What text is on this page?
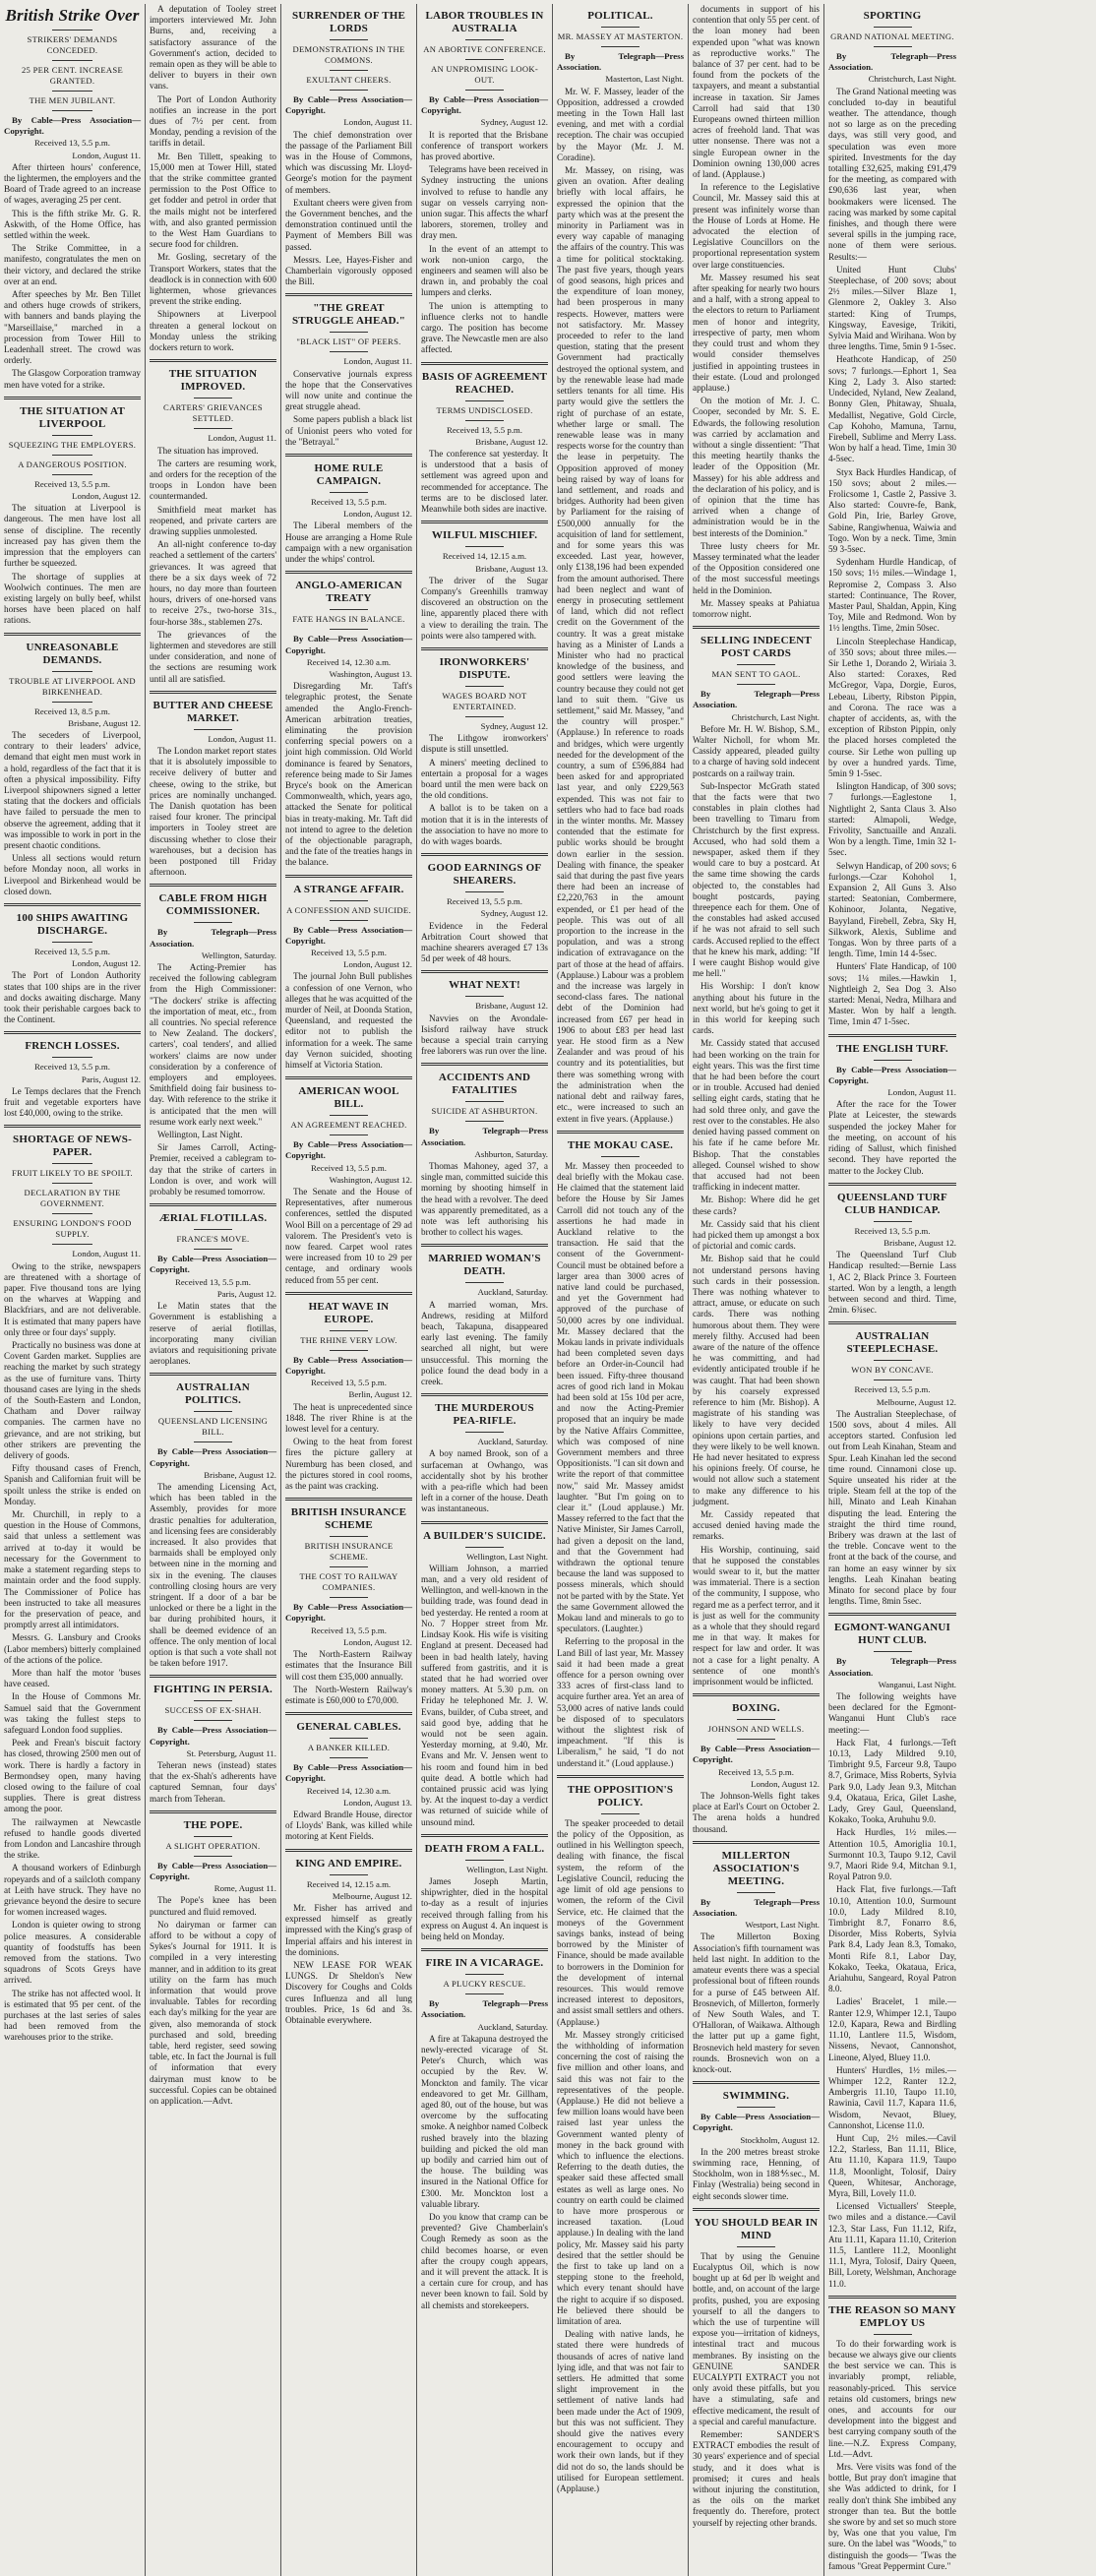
British Strike Over
STRIKERS' DEMANDS CONCEDED.
25 PER CENT. INCREASE GRANTED.
THE MEN JUBILANT.
By Cable—Press Association—Copyright.
Received 13, 5.5 p.m.
London, August 11.

After thirteen hours' conference, the lightermen, the employers and the Board of Trade agreed to an increase of wages, averaging 25 per cent.

This is the fifth strike Mr. G. R. Askwith, of the Home Office, has settled within the week.

The Strike Committee, in a manifesto, congratulates the men on their victory, and declared the strike over at an end.

After speeches by Mr. Ben Tillet and others huge crowds of strikers, with banners and bands playing the "Marseillaise," marched in a procession from Tower Hill to Leadenhall street. The crowd was orderly.

The Glasgow Corporation tramway men have voted for a strike.

THE SITUATION AT LIVERPOOL
SQUEEZING THE EMPLOYERS.
A DANGEROUS POSITION.
Received 13, 5.5 p.m.
London, August 12.

The situation at Liverpool is dangerous. The men have lost all sense of discipline. The recently increased pay has given them the impression that the employers can further be squeezed.

The shortage of supplies at Woolwich continues. The men are existing largely on bully beef, whilst horses have been placed on half rations.

UNREASONABLE DEMANDS.
TROUBLE AT LIVERPOOL AND BIRKENHEAD.
Received 13, 8.5 p.m.
Brisbane, August 12.

The seceders of Liverpool, contrary to their leaders' advice, demand that eight men must work in a hold, regardless of the fact that it is often a physical impossibility. Fifty Liverpool shipowners signed a letter stating that the dockers and officials have failed to persuade the men to observe the agreement, adding that it was impossible to work in port in the present chaotic conditions.

Unless all sections would return before Monday noon, all works in Liverpool and Birkenhead would be closed down.

100 SHIPS AWAITING DISCHARGE.
Received 13, 5.5 p.m.
London, August 12.

The Port of London Authority states that 100 ships are in the river and docks awaiting discharge. Many took their perishable cargoes back to the Continent.

FRENCH LOSSES.
Received 13, 5.5 p.m.
Paris, August 12.

Le Temps declares that the French fruit and vegetable exporters have lost £40,000, owing to the strike.

SHORTAGE OF NEWS-PAPER.
FRUIT LIKELY TO BE SPOILT.
DECLARATION BY THE GOVERNMENT.
ENSURING LONDON'S FOOD SUPPLY.
London, August 11.

Owing to the strike, newspapers are threatened with a shortage of paper. Five thousand tons are lying on the wharves at Wapping and Blackfriars, and are not deliverable. It is estimated that many papers have only three or four days' supply.

Practically no business was done at Covent Garden market. Supplies are reaching the market by such strategy as the use of furniture vans. Thirty thousand cases are lying in the sheds of the South-Eastern and London, Chatham and Dover railway companies. The carmen have no grievance, and are not striking, but other strikers are preventing the delivery of goods.

Fifty thousand cases of French, Spanish and Californian fruit will be spoilt unless the strike is ended on Monday.

Mr. Churchill, in reply to a question in the House of Commons, said that unless a settlement was arrived at to-day it would be necessary for the Government to make a statement regarding steps to maintain order and the food supply. The Commissioner of Police has been instructed to take all measures for the preservation of peace, and promptly arrest all intimidators.

Messrs. G. Lansbury and Crooks (Labor members) bitterly complained of the actions of the police.

More than half the motor 'buses have ceased.

In the House of Commons Mr. Samuel said that the Government was taking the fullest steps to safeguard London food supplies.

Peek and Frean's biscuit factory has closed, throwing 2500 men out of work. There is hardly a factory in Bermondsey open, many having closed owing to the failure of coal supplies. There is great distress among the poor.

The railwaymen at Newcastle refused to handle goods diverted from London and Lancashire through the strike.

A thousand workers of Edinburgh ropeyards and of a sailcloth company at Leith have struck. They have no grievance beyond the desire to secure for women increased wages.

London is quieter owing to strong police measures. A considerable quantity of foodstuffs has been removed from the stations. Two squadrons of Scots Greys have arrived.

The strike has not affected wool. It is estimated that 95 per cent. of the purchases at the last series of sales had been removed from the warehouses prior to the strike.

A deputation of Tooley street importers interviewed Mr. John Burns, and, receiving a satisfactory assurance of the Government's action, decided to remain open as they will be able to deliver to buyers in their own vans.

The Port of London Authority notifies an increase in the port dues of 7½ per cent. from Monday, pending a revision of the tariffs in detail.

Mr. Ben Tillett, speaking to 15,000 men at Tower Hill, stated that the strike committee granted permission to the Post Office to get fodder and petrol in order that the mails might not be interfered with, and also granted permission to the West Ham Guardians to secure food for children.

Mr. Gosling, secretary of the Transport Workers, states that the deadlock is in connection with 600 lightermen, whose grievances prevent the strike ending.

Shipowners at Liverpool threaten a general lockout on Monday unless the striking dockers return to work.

THE SITUATION IMPROVED.
CARTERS' GRIEVANCES SETTLED.
London, August 11.

The situation has improved.

The carters are resuming work, and orders for the reception of the troops in London have been countermanded.

Smithfield meat market has reopened, and private carters are drawing supplies unmolested.

An all-night conference to-day reached a settlement of the carters' grievances. It was agreed that there be a six days week of 72 hours, no day more than fourteen hours, drivers of one-horsed vans to receive 27s., two-horse 31s., four-horse 38s., stablemen 27s.

The grievances of the lightermen and stevedores are still under consideration, and none of the sections are resuming work until all are satisfied.

BUTTER AND CHEESE MARKET.
London, August 11.

The London market report states that it is absolutely impossible to receive delivery of butter and cheese, owing to the strike, but prices are nominally unchanged. The Danish quotation has been raised four kroner. The principal importers in Tooley street are discussing whether to close their warehouses, but a decision has been postponed till Friday afternoon.

CABLE FROM HIGH COMMISSIONER.
By Telegraph—Press Association.
Wellington, Saturday.

The Acting-Premier has received the following cablegram from the High Commissioner: "The dockers' strike is affecting the importation of meat, etc., from all countries. No special reference to New Zealand. The dockers', carters', coal tenders', and allied workers' claims are now under consideration by a conference of employers and employees. Smithfield doing fair business to-day. With reference to the strike it is anticipated that the men will resume work early next week."

Wellington, Last Night.

Sir James Carroll, Acting-Premier, received a cablegram to-day that the strike of carters in London is over, and work will probably be resumed tomorrow.

ÆRIAL FLOTILLAS.
FRANCE'S MOVE.
By Cable—Press Association—Copyright.
Received 13, 5.5 p.m.
Paris, August 12.

Le Matin states that the Government is establishing a reserve of aerial flotillas, incorporating many civilian aviators and requisitioning private aeroplanes.

AUSTRALIAN POLITICS.
QUEENSLAND LICENSING BILL.
By Cable—Press Association—Copyright.
Brisbane, August 12.

The amending Licensing Act, which has been tabled in the Assembly, provides for more drastic penalties for adulteration, and licensing fees are considerably increased. It also provides that barmaids shall be employed only between nine in the morning and six in the evening. The clauses controlling closing hours are very stringent. If a door of a bar be unlocked or there be a light in the bar during prohibited hours, it shall be deemed evidence of an offence. The only mention of local option is that such a vote shall not be taken before 1917.

FIGHTING IN PERSIA.
SUCCESS OF EX-SHAH.
By Cable—Press Association—Copyright.
St. Petersburg, August 11.

Teheran news (instead) states that the ex-Shah's adherents have captured Semnan, four days' march from Teheran.

THE POPE.
A SLIGHT OPERATION.
By Cable—Press Association—Copyright.
Rome, August 11.

The Pope's knee has been punctured and fluid removed.

No dairyman or farmer can afford to be without a copy of Sykes's Journal for 1911. It is compiled in a very interesting manner, and in addition to its great utility on the farm has much information that would prove invaluable. Tables for recording each day's milking for the year are given, also memoranda of stock purchased and sold, breeding table, herd register, seed sowing table, etc. In fact the Journal is full of information that every dairyman must know to be successful. Copies can be obtained on application.—Advt.

SURRENDER OF THE LORDS
DEMONSTRATIONS IN THE COMMONS.
EXULTANT CHEERS.
By Cable—Press Association—Copyright.
London, August 11.

The chief demonstration over the passage of the Parliament Bill was in the House of Commons, which was discussing Mr. Lloyd-George's motion for the payment of members.

Exultant cheers were given from the Government benches, and the demonstration continued until the Payment of Members Bill was passed.

Messrs. Lee, Hayes-Fisher and Chamberlain vigorously opposed the Bill.

"THE GREAT STRUGGLE AHEAD."
"BLACK LIST" OF PEERS.
London, August 11.

Conservative journals express the hope that the Conservatives will now unite and continue the great struggle ahead.

Some papers publish a black list of Unionist peers who voted for the "Betrayal."

HOME RULE CAMPAIGN.
Received 13, 5.5 p.m.
London, August 12.

The Liberal members of the House are arranging a Home Rule campaign with a new organisation under the whips' control.

ANGLO-AMERICAN TREATY
FATE HANGS IN BALANCE.
By Cable—Press Association—Copyright.
Received 14, 12.30 a.m.
Washington, August 13.

Disregarding Mr. Taft's telegraphic protest, the Senate amended the Anglo-French-American arbitration treaties, eliminating the provision conferring special powers on a joint high commission. Old World dominance is feared by Senators, reference being made to Sir James Bryce's book on the American Commonwealth, which, years ago, attacked the Senate for political bias in treaty-making. Mr. Taft did not intend to agree to the deletion of the objectionable paragraph, and the fate of the treaties hangs in the balance.

A STRANGE AFFAIR.
A CONFESSION AND SUICIDE.
By Cable—Press Association—Copyright.
Received 13, 5.5 p.m.
London, August 12.

The journal John Bull publishes a confession of one Vernon, who alleges that he was acquitted of the murder of Neil, at Doonda Station, Queensland, and requested the editor not to publish the information for a week. The same day Vernon suicided, shooting himself at Victoria Station.

AMERICAN WOOL BILL.
AN AGREEMENT REACHED.
By Cable—Press Association—Copyright.
Received 13, 5.5 p.m.
Washington, August 12.

The Senate and the House of Representatives, after numerous conferences, settled the disputed Wool Bill on a percentage of 29 ad valorem. The President's veto is now feared. Carpet wool rates were increased from 10 to 29 per centage, and ordinary wools reduced from 55 per cent.

HEAT WAVE IN EUROPE.
THE RHINE VERY LOW.
By Cable—Press Association—Copyright.
Received 13, 5.5 p.m.
Berlin, August 12.

The heat is unprecedented since 1848. The river Rhine is at the lowest level for a century.

Owing to the heat from forest fires the picture gallery at Nuremburg has been closed, and the pictures stored in cool rooms, as the paint was cracking.

BRITISH INSURANCE SCHEME
BRITISH INSURANCE SCHEME.
THE COST TO RAILWAY COMPANIES.
By Cable—Press Association—Copyright.
Received 13, 5.5 p.m.
London, August 12.

The North-Eastern Railway estimates that the Insurance Bill will cost them £35,000 annually.

The North-Western Railway's estimate is £60,000 to £70,000.

GENERAL CABLES.
A BANKER KILLED.
By Cable—Press Association—Copyright.
Received 14, 12.30 a.m.
London, August 13.

Edward Brandle House, director of Lloyds' Bank, was killed while motoring at Kent Fields.

KING AND EMPIRE.
Received 14, 12.15 a.m.
Melbourne, August 12.

Mr. Fisher has arrived and expressed himself as greatly impressed with the King's grasp of Imperial affairs and his interest in the dominions.

NEW LEASE FOR WEAK LUNGS. Dr Sheldon's New Discovery for Coughs and Colds cures Influenza and all lung troubles. Price, 1s 6d and 3s. Obtainable everywhere.

LABOR TROUBLES IN AUSTRALIA
AN ABORTIVE CONFERENCE.
AN UNPROMISING LOOK-OUT.
By Cable—Press Association—Copyright.
Sydney, August 12.

It is reported that the Brisbane conference of transport workers has proved abortive.

Telegrams have been received in Sydney instructing the unions involved to refuse to handle any sugar on vessels carrying non-union sugar. This affects the wharf laborers, storemen, trolley and dray men.

In the event of an attempt to work non-union cargo, the engineers and seamen will also be drawn in, and probably the coal lumpers and clerks.

The union is attempting to influence clerks not to handle cargo. The position has become grave. The Newcastle men are also affected.

BASIS OF AGREEMENT REACHED.
TERMS UNDISCLOSED.
Received 13, 5.5 p.m.
Brisbane, August 12.

The conference sat yesterday. It is understood that a basis of settlement was agreed upon and recommended for acceptance. The terms are to be disclosed later. Meanwhile both sides are inactive.

WILFUL MISCHIEF.
Received 14, 12.15 a.m.
Brisbane, August 13.

The driver of the Sugar Company's Greenhills tramway discovered an obstruction on the line, apparently placed there with a view to derailing the train. The points were also tampered with.

IRONWORKERS' DISPUTE.
WAGES BOARD NOT ENTERTAINED.
Sydney, August 12.

The Lithgow ironworkers' dispute is still unsettled.

A miners' meeting declined to entertain a proposal for a wages board until the men were back on the old conditions.

A ballot is to be taken on a motion that it is in the interests of the association to have no more to do with wages boards.

GOOD EARNINGS OF SHEARERS.
Received 13, 5.5 p.m.
Sydney, August 12.

Evidence in the Federal Arbitration Court showed that machine shearers averaged £7 13s 5d per week of 48 hours.

WHAT NEXT!
Brisbane, August 12.

Navvies on the Avondale-Isisford railway have struck because a special train carrying free laborers was run over the line.

ACCIDENTS AND FATALITIES
SUICIDE AT ASHBURTON.
By Telegraph—Press Association.
Ashburton, Saturday.

Thomas Mahoney, aged 37, a single man, committed suicide this morning by shooting himself in the head with a revolver. The deed was apparently premeditated, as a note was left authorising his brother to collect his wages.

MARRIED WOMAN'S DEATH.
Auckland, Saturday.

A married woman, Mrs. Andrews, residing at Milford beach, Takapuna, disappeared early last evening. The family searched all night, but were unsuccessful. This morning the police found the dead body in a creek.

THE MURDEROUS PEA-RIFLE.
Auckland, Saturday.

A boy named Brook, son of a surfaceman at Owhango, was accidentally shot by his brother with a pea-rifle which had been left in a corner of the house. Death was instantaneous.

A BUILDER'S SUICIDE.
Wellington, Last Night.

William Johnson, a married man, and a very old resident of Wellington, and well-known in the building trade, was found dead in bed yesterday. He rented a room at No. 7 Hopper street from Mr. Lindsay Kook. His wife is visiting England at present. Deceased had been in bad health lately, having suffered from gastritis, and it is stated that he had worried over money matters. At 5.30 p.m. on Friday he telephoned Mr. J. W. Evans, builder, of Cuba street, and said good bye, adding that he would not be seen again. Yesterday morning, at 9.40, Mr. Evans and Mr. V. Jensen went to his room and found him in bed quite dead. A bottle which had contained prussic acid was lying by. At the inquest to-day a verdict was returned of suicide while of unsound mind.

DEATH FROM A FALL.
Wellington, Last Night.

James Joseph Martin, shipwrighter, died in the hospital to-day as a result of injuries received through falling from his express on August 4. An inquest is being held on Monday.

FIRE IN A VICARAGE.
A PLUCKY RESCUE.
By Telegraph—Press Association.
Auckland, Saturday.

A fire at Takapuna destroyed the newly-erected vicarage of St. Peter's Church, which was occupied by the Rev. W. Monckton and family. The vicar endeavored to get Mr. Gillham, aged 80, out of the house, but was overcome by the suffocating smoke. A neighbor named Colbeck rushed bravely into the blazing building and picked the old man up bodily and carried him out of the house. The building was insured in the National Office for £300. Mr. Monckton lost a valuable library.

Do you know that cramp can be prevented? Give Chamberlain's Cough Remedy as soon as the child becomes hoarse, or even after the croupy cough appears, and it will prevent the attack. It is a certain cure for croup, and has never been known to fail. Sold by all chemists and storekeepers.

POLITICAL.
MR. MASSEY AT MASTERTON.
By Telegraph—Press Association.
Masterton, Last Night.

Mr. W. F. Massey, leader of the Opposition, addressed a crowded meeting in the Town Hall last evening, and met with a cordial reception. The chair was occupied by the Mayor (Mr. J. M. Coradine).

Mr. Massey, on rising, was given an ovation. After dealing briefly with local affairs, he expressed the opinion that the party which was at the present the minority in Parliament was in every way capable of managing the affairs of the country. This was a time for political stocktaking. The past five years, though years of good seasons, high prices and the expenditure of loan money, had been prosperous in many respects. However, matters were not satisfactory. Mr. Massey proceeded to refer to the land question, stating that the present Government had practically destroyed the optional system, and by the renewable lease had made settlers tenants for all time. His party would give the settlers the right of purchase of an estate, whether large or small. The renewable lease was in many respects worse for the country than the lease in perpetuity. The Opposition approved of money being raised by way of loans for land settlement, and roads and bridges. Authority had been given by Parliament for the raising of £500,000 annually for the acquisition of land for settlement, and for some years this was exceeded. Last year, however, only £138,196 had been expended from the amount authorised. There had been neglect and want of energy in prosecuting settlement of land, which did not reflect credit on the Government of the country. It was a great mistake having as a Minister of Lands a Minister who had no practical knowledge of the business, and good settlers were leaving the country because they could not get land to suit them. "Give us settlement," said Mr. Massey, "and the country will prosper." (Applause.) In reference to roads and bridges, which were urgently needed for the development of the country, a sum of £596,884 had been asked for and appropriated last year, and only £229,563 expended. This was not fair to settlers who had to face bad roads in the winter months. Mr. Massey contended that the estimate for public works should be brought down earlier in the session. Dealing with finance, the speaker said that during the past five years there had been an increase of £2,220,763 in the amount expended, or £1 per head of the people. This was out of all proportion to the increase in the population, and was a strong indication of extravagance on the part of those at the head of affairs. (Applause.) Labour was a problem and the increase was largely in second-class fares. The national debt of the Dominion had increased from £67 per head in 1906 to about £83 per head last year. He stood firm as a New Zealander and was proud of his country and its potentialities, but there was something wrong with the administration when the national debt and railway fares, etc., were increased to such an extent in five years. (Applause.)

THE MOKAU CASE.

Mr. Massey then proceeded to deal briefly with the Mokau case. He claimed that the statement laid before the House by Sir James Carroll did not touch any of the assertions he had made in Auckland relative to the transaction. He said that the consent of the Government-Council must be obtained before a larger area than 3000 acres of native land could be purchased, and yet the Government had approved of the purchase of 50,000 acres by one individual. Mr. Massey declared that the Mokau lands in private individuals had been completed seven days before an Order-in-Council had been issued. Fifty-three thousand acres of good rich land in Mokau had been sold at 15s 10d per acre, and now the Acting-Premier proposed that an inquiry be made by the Native Affairs Committee, which was composed of nine Government members and three Oppositionists. "I can sit down and write the report of that committee now," said Mr. Massey amidst laughter. "But I'm going on to clear it." (Loud applause.) Mr. Massey referred to the fact that the Native Minister, Sir James Carroll, had given a deposit on the land, and that the Government had withdrawn the optional tenure because the land was supposed to possess minerals, which should not be parted with by the State. Yet the same Government allowed the Mokau land and minerals to go to speculators. (Laughter.)

Referring to the proposal in the Land Bill of last year, Mr. Massey said it had been made a great offence for a person owning over 333 acres of first-class land to acquire further area. Yet an area of 53,000 acres of native lands could be disposed of to speculators without the slightest risk of impeachment. "If this is Liberalism," he said, "I do not understand it." (Loud applause.)

THE OPPOSITION'S POLICY.

The speaker proceeded to detail the policy of the Opposition, as outlined in his Wellington speech, dealing with finance, the fiscal system, the reform of the Legislative Council, reducing the age limit of old age pensions to women, the reform of the Civil Service, etc. He claimed that the moneys of the Government savings banks, instead of being borrowed by the Minister of Finance, should be made available to borrowers in the Dominion for the development of internal resources. This would remove increased interest to depositors, and assist small settlers and others. (Applause.)

Mr. Massey strongly criticised the withholding of information concerning the cost of raising the five million and other loans, and said this was not fair to the representatives of the people. (Applause.) He did not believe a few million loans would have been raised last year unless the Government wanted plenty of money in the back ground with which to influence the elections. Referring to the death duties, the speaker said these affected small estates as well as large ones. No country on earth could be claimed to have more prosperous or increased taxation. (Loud applause.) In dealing with the land policy, Mr. Massey said his party desired that the settler should be the first to take up land on a stepping stone to the freehold, which every tenant should have the right to acquire if so disposed. He believed there should be limitation of area.

Dealing with native lands, he stated there were hundreds of thousands of acres of native land lying idle, and that was not fair to settlers. He admitted that some slight improvement in the settlement of native lands had been made under the Act of 1909, but this was not sufficient. They should give the natives every encouragement to occupy and work their own lands, but if they did not do so, the lands should be utilised for European settlement. (Applause.)

documents in support of his contention that only 55 per cent. of the loan money had been expended upon "what was known as reproductive works." The balance of 37 per cent. had to be found from the pockets of the taxpayers, and meant a substantial increase in taxation. Sir James Carroll had said that 130 Europeans owned thirteen million acres of freehold land. That was utter nonsense. There was not a single European owner in the Dominion owning 130,000 acres of land. (Applause.)

In reference to the Legislative Council, Mr. Massey said this at present was infinitely worse than the House of Lords at Home. He advocated the election of Legislative Councillors on the proportional representation system over large constituencies.

Mr. Massey resumed his seat after speaking for nearly two hours and a half, with a strong appeal to the electors to return to Parliament men of honor and integrity, irrespective of party, men whom they could trust and whom they would consider themselves justified in appointing trustees in their estate. (Loud and prolonged applause.)

On the motion of Mr. J. C. Cooper, seconded by Mr. S. E. Edwards, the following resolution was carried by acclamation and without a single dissentient: "That this meeting heartily thanks the leader of the Opposition (Mr. Massey) for his able address and the declaration of his policy, and is of opinion that the time has arrived when a change of administration would be in the best interests of the Dominion."

Three lusty cheers for Mr. Massey terminated what the leader of the Opposition considered one of the most successful meetings held in the Dominion.

Mr. Massey speaks at Pahiatua tomorrow night.

SELLING INDECENT POST CARDS
MAN SENT TO GAOL.
By Telegraph—Press Association.
Christchurch, Last Night.

Before Mr. H. W. Bishop, S.M., Walter Nicholl, for whom Mr. Cassidy appeared, pleaded guilty to a charge of having sold indecent postcards on a railway train.

Sub-Inspector McGrath stated that the facts were that two constables in plain clothes had been travelling to Timaru from Christchurch by the first express. Accused, who had sold them a newspaper, asked them if they would care to buy a postcard. At the same time showing the cards objected to, the constables had bought postcards, paying threepence each for them. One of the constables had asked accused if he was not afraid to sell such cards. Accused replied to the effect that he knew his mark, adding: "If I were caught Bishop would give me hell."

His Worship: I don't know anything about his future in the next world, but he's going to get it in this world for keeping such cards.

Mr. Cassidy stated that accused had been working on the train for eight years. This was the first time that he had been before the court or in trouble. Accused had denied selling eight cards, stating that he had sold three only, and gave the rest over to the constables. He also denied having passed comment on his fate if he came before Mr. Bishop. That the constables alleged. Counsel wished to show that accused had not been trafficking in indecent matter.

Mr. Bishop: Where did he get these cards?

Mr. Cassidy said that his client had picked them up amongst a box of pictorial and comic cards.

Mr. Bishop said that he could not understand persons having such cards in their possession. There was nothing whatever to attract, amuse, or educate on such cards. There was nothing humorous about them. They were merely filthy. Accused had been aware of the nature of the offence he was committing, and had evidently anticipated trouble if he was caught. That had been shown by his coarsely expressed reference to him (Mr. Bishop). A magistrate of his standing was likely to have very decided opinions upon certain parties, and they were likely to be well known. He had never hesitated to express his opinions freely. Of course, he would not allow such a statement to make any difference to his judgment.

Mr. Cassidy repeated that accused denied having made the remarks.

His Worship, continuing, said that he supposed the constables would swear to it, but the matter was immaterial. There is a section of the community, I suppose, who regard me as a perfect terror, and it is just as well for the community as a whole that they should regard me in that way. It makes for respect for law and order. It was not a case for a light penalty. A sentence of one month's imprisonment would be inflicted.

BOXING.
JOHNSON AND WELLS.
By Cable—Press Association—Copyright.
Received 13, 5.5 p.m.
London, August 12.

The Johnson-Wells fight takes place at Earl's Court on October 2. The arena holds a hundred thousand.

MILLERTON ASSOCIATION'S MEETING.
By Telegraph—Press Association.
Westport, Last Night.

The Millerton Boxing Association's fifth tournament was held last night. In addition to the amateur events there was a special professional bout of fifteen rounds for a purse of £45 between Alf. Brosnevich, of Millerton, formerly of New South Wales, and T. O'Halloran, of Waikawa. Although the latter put up a game fight, Brosnevich held mastery for seven rounds. Brosnevich won on a knock-out.

SWIMMING.
By Cable—Press Association—Copyright.
Stockholm, August 12.

In the 200 metres breast stroke swimming race, Henning, of Stockholm, won in 188⅘sec., M. Finlay (Westralia) being second in eight seconds slower time.

YOU SHOULD BEAR IN MIND

That by using the Genuine Eucalyptus Oil, which is now bought up at 6d per lb weight and bottle, and, on account of the large profits, pushed, you are exposing yourself to all the dangers to which the use of turpentine will expose you—irritation of kidneys, intestinal tract and mucous membranes. By insisting on the GENUINE SANDER EUCALYPTI EXTRACT you not only avoid these pitfalls, but you have a stimulating, safe and effective medicament, the result of a special and careful manufacture.

Remember: SANDER'S EXTRACT embodies the result of 30 years' experience and of special study, and it does what is promised; it cures and heals without injuring the constitution, as the oils on the market frequently do. Therefore, protect yourself by rejecting other brands.

SPORTING
GRAND NATIONAL MEETING.
By Telegraph—Press Association.
Christchurch, Last Night.

The Grand National meeting was concluded to-day in beautiful weather. The attendance, though not so large as on the preceding days, was still very good, and speculation was even more spirited. Investments for the day totalling £32,625, making £91,479 for the meeting, as compared with £90,636 last year, when bookmakers were licensed. The racing was marked by some capital finishes, and though there were several spills in the jumping race, none of them were serious. Results:—

United Hunt Clubs' Steeplechase, of 200 sovs; about 2½ miles.—Silver Blaze 1, Glenmore 2, Oakley 3. Also started: King of Trumps, Kingsway, Eavesige, Trikiti, Sylvia Maid and Wirihana. Won by three lengths. Time, 5min 9 1-5sec.

Heathcote Handicap, of 250 sovs; 7 furlongs.—Ephort 1, Sea King 2, Lady 3. Also started: Undecided, Nyland, New Zealand, Bonny Glen, Phitaway, Shuala, Medallist, Negative, Gold Circle, Cap Kohoho, Mamuna, Tarnu, Firebell, Sublime and Merry Lass. Won by half a head. Time, 1min 30 4-5sec.

Styx Back Hurdles Handicap, of 150 sovs; about 2 miles.—Frolicsome 1, Castle 2, Passive 3. Also started: Couvre-fe, Bank, Gold Pin, Irie, Barley Grove, Sabine, Rangiwhenua, Waiwia and Togo. Won by a neck. Time, 3min 59 3-5sec.

Sydenham Hurdle Handicap, of 150 sovs; 1½ miles.—Windage 1, Repromise 2, Compass 3. Also started: Continuance, The Rover, Master Paul, Shaldan, Appin, King Toy, Mile and Redmond. Won by 1½ lengths. Time, 2min 50sec.

Lincoln Steeplechase Handicap, of 350 sovs; about three miles.—Sir Lethe 1, Dorando 2, Wiriaia 3. Also started: Coraxes, Red McGregor, Vapa, Dorgie, Euros, Lebeau, Liberty, Ribston Pippin, and Corona. The race was a chapter of accidents, as, with the exception of Ribston Pippin, only the placed horses completed the course. Sir Lethe won pulling up by over a hundred yards. Time, 5min 9 1-5sec.

Islington Handicap, of 300 sovs; 7 furlongs.—Eaglestone 1, Nightlight 2, Santa Claus 3. Also started: Almapoli, Wedge, Frivolity, Sanctuaille and Anzali. Won by a length. Time, 1min 32 1-5sec.

Selwyn Handicap, of 200 sovs; 6 furlongs.—Czar Kohohol 1, Expansion 2, All Guns 3. Also started: Seatonian, Combermere, Kohinoor, Jolanta, Negative, Bayyland, Firebell, Zebra, Sky H, Silkwork, Alexis, Sublime and Tongas. Won by three parts of a length. Time, 1min 14 4-5sec.

Hunters' Flate Handicap, of 100 sovs; 1¼ miles.—Hawkin 1, Nightleigh 2, Sea Dog 3. Also started: Menai, Nedra, Milhara and Master. Won by half a length. Time, 1min 47 1-5sec.

THE ENGLISH TURF.
By Cable—Press Association—Copyright.
London, August 11.

After the race for the Tower Plate at Leicester, the stewards suspended the jockey Maher for the meeting, on account of his riding of Sallust, which finished second. They have reported the matter to the Jockey Club.

QUEENSLAND TURF CLUB HANDICAP.
Received 13, 5.5 p.m.
Brisbane, August 12.

The Queensland Turf Club Handicap resulted:—Bernie Lass 1, AC 2, Black Prince 3. Fourteen started. Won by a length, a length between second and third. Time, 2min. 6¾sec.

AUSTRALIAN STEEPLECHASE.
WON BY CONCAVE.
Received 13, 5.5 p.m.
Melbourne, August 12.

The Australian Steeplechase, of 1500 sovs, about 4 miles. All acceptors started. Confusion led out from Leah Kinahan, Steam and Spur. Leah Kinahan led the second time round. Cinnamoni close up. Squire unseated his rider at the triple. Steam fell at the top of the hill, Minato and Leah Kinahan disputing the lead. Entering the straight the third time round, Bribery was drawn at the last of the treble. Concave went to the front at the back of the course, and ran home an easy winner by six lengths. Leah Kinahan beating Minato for second place by four lengths. Time, 8min 5sec.

EGMONT-WANGANUI HUNT CLUB.
By Telegraph—Press Association.
Wanganui, Last Night.

The following weights have been declared for the Egmont-Wanganui Hunt Club's race meeting:—

Hack Flat, 4 furlongs.—Teft 10.13, Lady Mildred 9.10, Timbright 9.5, Farceur 9.8, Taupo 8.7, Grimace, Miss Roberts, Sylvia Park 9.0, Lady Jean 9.3, Mitchan 9.4, Okataua, Erica, Gilet Lashe, Lady, Grey Gaul, Queensland, Kokako, Tooka, Aruhuhu 9.0.

Hack Hurdles, 1½ miles.—Attention 10.5, Amoriglia 10.1, Surmonnt 10.3, Taupo 9.12, Cavil 9.7, Maori Ride 9.4, Mitchan 9.1, Royal Patron 9.0.

Hack Flat, five furlongs.—Taft 10.10, Attention 10.0, Surmount 10.0, Lady Mildred 8.10, Timbright 8.7, Fonarro 8.6, Disorder, Miss Roberts, Sylvia Park 8.4, Lady Jean 8.3, Tomako, Monti Rife 8.1, Labor Day, Kokako, Teeka, Okataua, Erica, Ariahuhu, Sangeard, Royal Patron 8.0.

Ladies' Bracelet, 1 mile.—Ranter 12.9, Whimper 12.1, Taupo 12.0, Kapara, Rewa and Birdling 11.10, Lantlere 11.5, Wisdom, Nissens, Nevaot, Cannonshot, Lineone, Alyed, Bluey 11.0.

Hunters' Hurdles, 1½ miles.—Whimper 12.2, Ranter 12.2, Ambergris 11.10, Taupo 11.10, Rawinia, Cavil 11.7, Kapara 11.6, Wisdom, Nevaot, Bluey, Cannonshot, License 11.0.

Hunt Cup, 2½ miles.—Cavil 12.2, Starless, Ban 11.11, Blice, Atu 11.10, Kapara 11.9, Taupo 11.8, Moonlight, Tolosif, Dairy Queen, Whitesar, Anchorage, Myra, Bill, Lovely 11.0.

Licensed Victuallers' Steeple, two miles and a distance.—Cavil 12.3, Star Lass, Fun 11.12, Rifz, Atu 11.11, Kapara 11.10, Criterion 11.5, Lantlere 11.2, Moonlight 11.1, Myra, Tolosif, Dairy Queen, Bill, Lorety, Welshman, Anchorage 11.0.

THE REASON SO MANY EMPLOY US

To do their forwarding work is because we always give our clients the best service we can. This is invariably prompt, reliable, reasonably-priced. This service retains old customers, brings new ones, and accounts for our development into the biggest and best carrying company south of the line.—N.Z. Express Company, Ltd.—Advt.

Mrs. Vere visits was fond of the bottle, But pray don't imagine that she Was addicted to drink, for I really don't think She imbibed any stronger than tea. But the bottle she swore by and set so much store by, Was one that you value, I'm sure. On the label was "Woods," to distinguish the goods— 'Twas the famous "Great Peppermint Cure."
